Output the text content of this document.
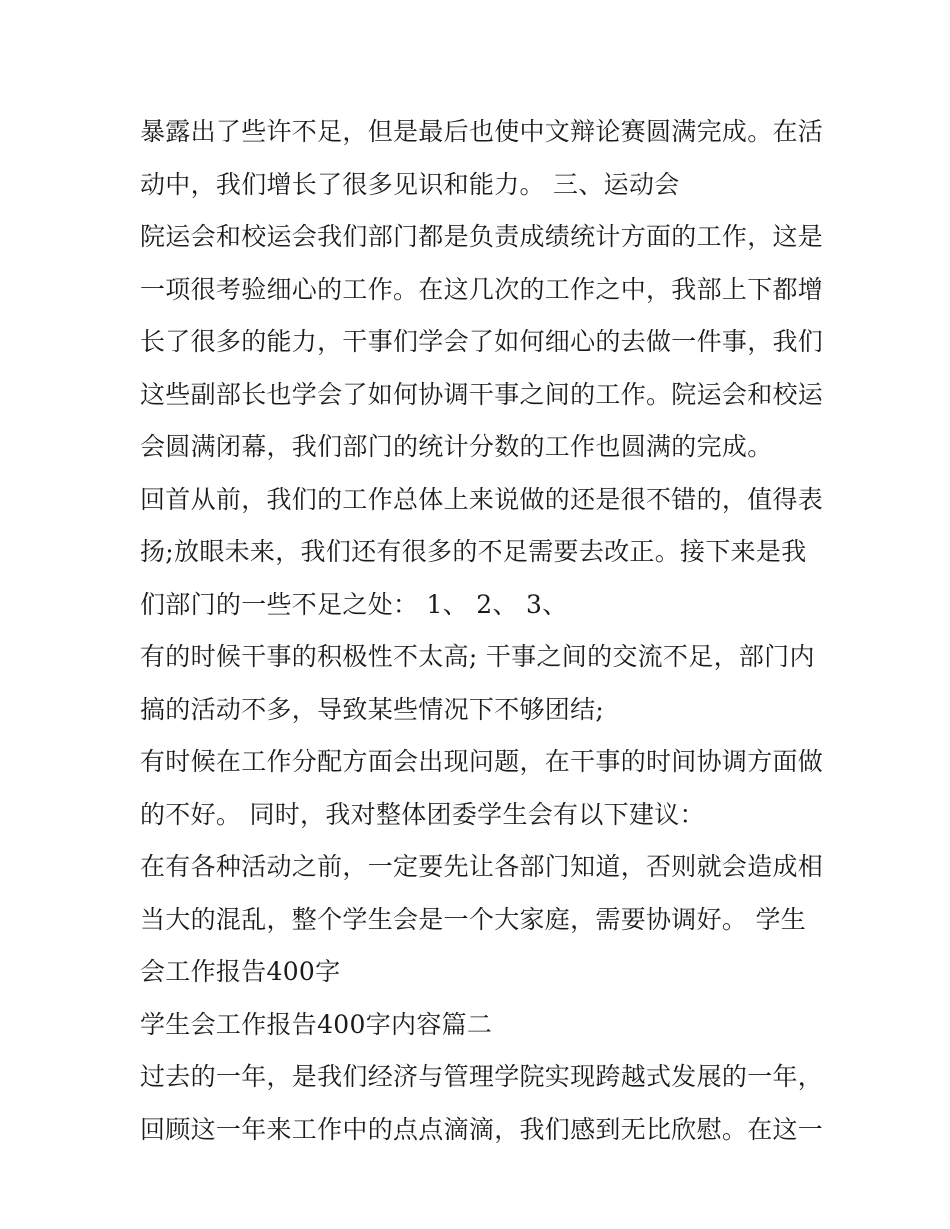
暴露出了些许不足，但是最后也使中文辩论赛圆满完成。在活
动中，我们增长了很多见识和能力。 三、运动会
院运会和校运会我们部门都是负责成绩统计方面的工作，这是
一项很考验细心的工作。在这几次的工作之中，我部上下都增
长了很多的能力，干事们学会了如何细心的去做一件事，我们
这些副部长也学会了如何协调干事之间的工作。院运会和校运
会圆满闭幕，我们部门的统计分数的工作也圆满的完成。
回首从前，我们的工作总体上来说做的还是很不错的，值得表
扬;放眼未来，我们还有很多的不足需要去改正。接下来是我
们部门的一些不足之处： 1、 2、 3、
有的时候干事的积极性不太高; 干事之间的交流不足，部门内
搞的活动不多，导致某些情况下不够团结;
有时候在工作分配方面会出现问题，在干事的时间协调方面做
的不好。 同时，我对整体团委学生会有以下建议：
在有各种活动之前，一定要先让各部门知道，否则就会造成相
当大的混乱，整个学生会是一个大家庭，需要协调好。 学生
会工作报告400字
学生会工作报告400字内容篇二
过去的一年，是我们经济与管理学院实现跨越式发展的一年，
回顾这一年来工作中的点点滴滴，我们感到无比欣慰。在这一
